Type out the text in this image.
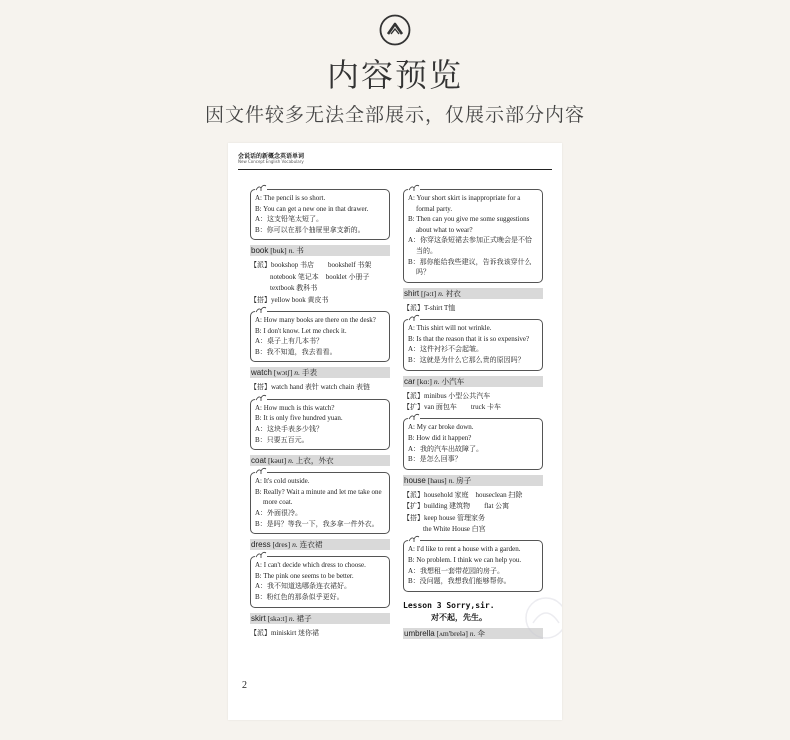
内容预览
因文件较多无法全部展示，仅展示部分内容
会说话的新概念英语单词
New Concept English Vocabulary
A: The pencil is so short.
B: You can get a new one in that drawer.
A：这支铅笔太短了。
B：你可以在那个抽屉里拿支新的。
book [buk] n. 书
【派】bookshop 书店　　bookshelf 书架
notebook 笔记本　booklet 小册子
textbook 教科书
【搭】yellow book 黄皮书
A: How many books are there on the desk?
B: I don't know. Let me check it.
A：桌子上有几本书？
B：我不知道，我去看看。
watch [wɔtʃ] n. 手表
【搭】watch hand 表针 watch chain 表链
A: How much is this watch?
B: It is only five hundred yuan.
A：这块手表多少钱？
B：只要五百元。
coat [kəut] n. 上衣，外衣
A: It's cold outside.
B: Really? Wait a minute and let me take one more coat.
A：外面很冷。
B：是吗？等我一下，我多拿一件外衣。
dress [dres] n. 连衣裙
A: I can't decide which dress to choose.
B: The pink one seems to be better.
A：我不知道选哪条连衣裙好。
B：粉红色的那条似乎更好。
skirt [skə:t] n. 裙子
【派】miniskirt 迷你裙
A: Your short skirt is inappropriate for a formal party.
B: Then can you give me some suggestions about what to wear?
A：你穿这条短裙去参加正式晚会是不恰当的。
B：那你能给我些建议，告诉我该穿什么吗？
shirt [ʃə:t] n. 衬衣
【派】T-shirt T恤
A: This shirt will not wrinkle.
B: Is that the reason that it is so expensive?
A：这件衬衫不会起皱。
B：这就是为什么它那么贵的原因吗？
car [kɑ:] n. 小汽车
【派】minibus 小型公共汽车
【扩】van 面包车　　truck 卡车
A: My car broke down.
B: How did it happen?
A：我的汽车出故障了。
B：是怎么回事？
house [haus] n. 房子
【派】household 家庭　houseclean 扫除
【扩】building 建筑物　　flat 公寓
【搭】keep house 管理家务
the White House 白宫
A: I'd like to rent a house with a garden.
B: No problem. I think we can help you.
A：我想租一套带花园的房子。
B：没问题，我想我们能够帮你。
Lesson 3 Sorry,sir.
对不起，先生。
umbrella [ʌm'brelə] n. 伞
2
